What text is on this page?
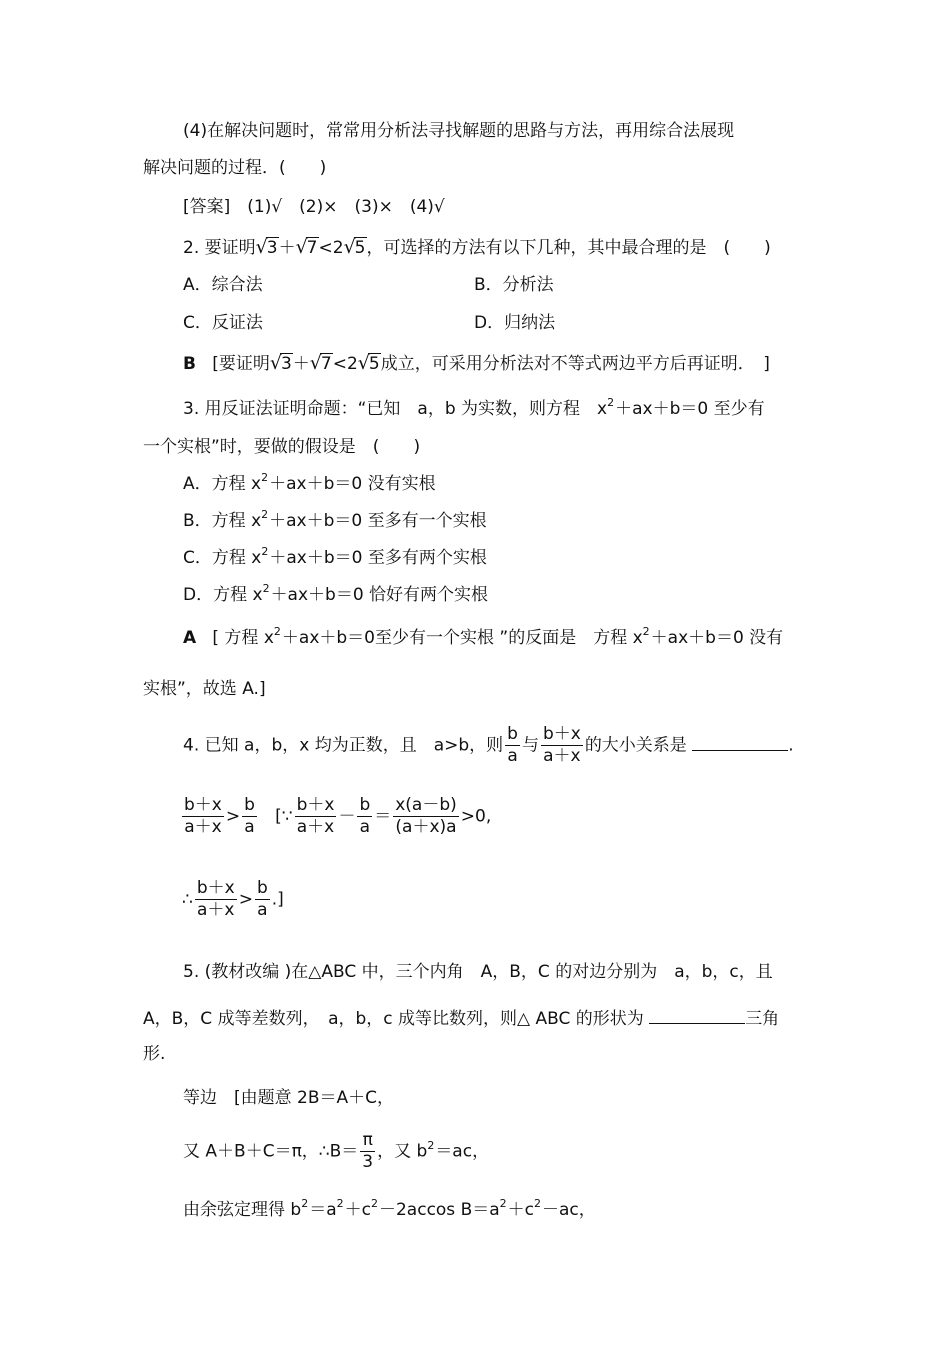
(4)在解决问题时，常常用分析法寻找解题的思路与方法，再用综合法展现
解决问题的过程．(　　)
[答案]　(1)√　(2)×　(3)×　(4)√
2. 要证明√3＋√7<2√5，可选择的方法有以下几种，其中最合理的是　(　　)
A．综合法	B．分析法
C．反证法	D．归纳法
B [要证明√3＋√7<2√5成立，可采用分析法对不等式两边平方后再证明．　]
3. 用反证法证明命题：“已知　a，b 为实数，则方程　$x^2+ax+b=0$ 至少有
一个实根”时，要做的假设是　(　　)
A．方程 $x^2+ax+b=0$ 没有实根
B．方程 $x^2+ax+b=0$ 至多有一个实根
C．方程 $x^2+ax+b=0$ 至多有两个实根
D．方程 $x^2+ax+b=0$ 恰好有两个实根
A [ 方程 $x^2+ax+b=0$至少有一个实根 ”的反面是　方程 $x^2+ax+b=0$ 没有
实根”，故选 A.]
4. 已知 a，b，x 均为正数，且　a>b，则 $\frac{b}{a}$ 与 $\frac{b+x}{a+x}$ 的大小关系是	.
$\frac{b+x}{a+x} > \frac{b}{a}$ [∵ $\frac{b+x}{a+x} - \frac{b}{a} = \frac{x(a-b)}{(a+x)a} >0$,
∴ $\frac{b+x}{a+x} > \frac{b}{a}$ .]
5. (教材改编 )在△ABC 中，三个内角　A，B，C 的对边分别为　a，b，c，且
A，B，C 成等差数列，　a，b，c 成等比数列，则△ ABC 的形状为	三角
形.
等边　[由题意 2B＝A＋C，
又 A＋B＋C＝π，∴B＝ $\frac{\pi}{3}$ ，又 $b^2=ac$，
由余弦定理得 $b^2=a^2+c^2-2accos$ $B=a^2+c^2-ac$，
